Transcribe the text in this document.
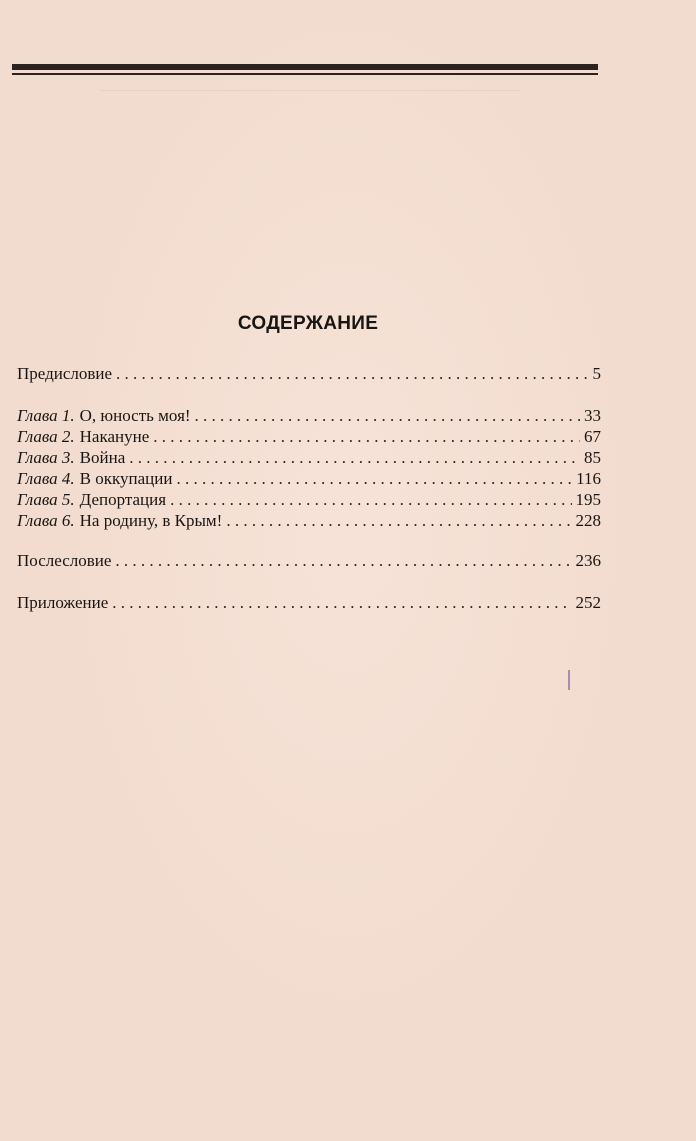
СОДЕРЖАНИЕ
Предисловие . . .	5
Глава 1. О, юность моя! . . .	33
Глава 2. Накануне . . .	67
Глава 3. Война . . .	85
Глава 4. В оккупации . . .	116
Глава 5. Депортация . . .	195
Глава 6. На родину, в Крым! . . .	228
Послесловие . . .	236
Приложение . . .	252
